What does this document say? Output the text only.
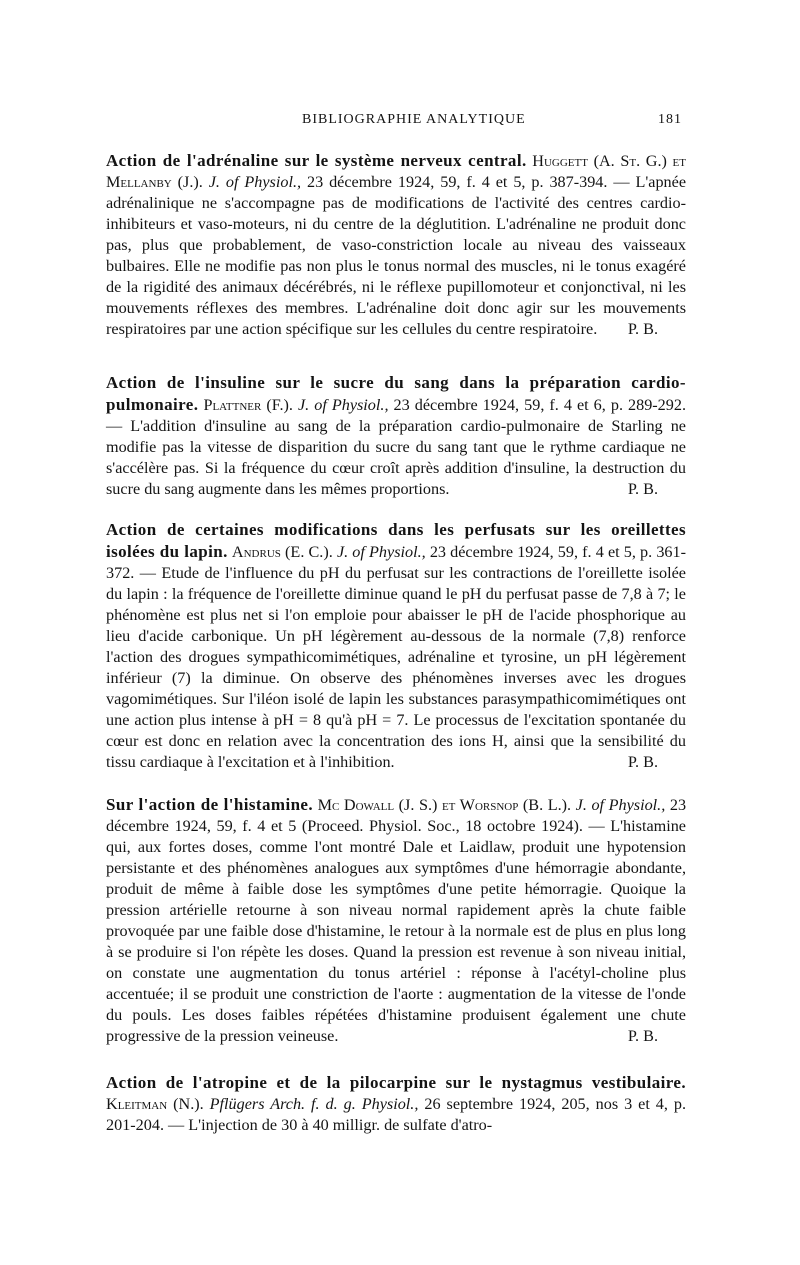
BIBLIOGRAPHIE ANALYTIQUE	181
Action de l'adrénaline sur le système nerveux central. Huggett (A. St. G.) et Mellanby (J.). J. of Physiol., 23 décembre 1924, 59, f. 4 et 5, p. 387-394. — L'apnée adrénalinique ne s'accompagne pas de modifications de l'activité des centres cardio-inhibiteurs et vaso-moteurs, ni du centre de la déglutition. L'adrénaline ne produit donc pas, plus que probablement, de vaso-constriction locale au niveau des vaisseaux bulbaires. Elle ne modifie pas non plus le tonus normal des muscles, ni le tonus exagéré de la rigidité des animaux décérébrés, ni le réflexe pupillomoteur et conjonctival, ni les mouvements réflexes des membres. L'adrénaline doit donc agir sur les mouvements respiratoires par une action spécifique sur les cellules du centre respiratoire. P. B.
Action de l'insuline sur le sucre du sang dans la préparation cardio-pulmonaire. Plattner (F.). J. of Physiol., 23 décembre 1924, 59, f. 4 et 6, p. 289-292. — L'addition d'insuline au sang de la préparation cardio-pulmonaire de Starling ne modifie pas la vitesse de disparition du sucre du sang tant que le rythme cardiaque ne s'accélère pas. Si la fréquence du cœur croît après addition d'insuline, la destruction du sucre du sang augmente dans les mêmes proportions.	P. B.
Action de certaines modifications dans les perfusats sur les oreillettes isolées du lapin. Andrus (E. C.). J. of Physiol., 23 décembre 1924, 59, f. 4 et 5, p. 361-372. — Etude de l'influence du pH du perfusat sur les contractions de l'oreillette isolée du lapin : la fréquence de l'oreillette diminue quand le pH du perfusat passe de 7,8 à 7; le phénomène est plus net si l'on emploie pour abaisser le pH de l'acide phosphorique au lieu d'acide carbonique. Un pH légèrement au-dessous de la normale (7,8) renforce l'action des drogues sympathicomimétiques, adrénaline et tyrosine, un pH légèrement inférieur (7) la diminue. On observe des phénomènes inverses avec les drogues vagomimétiques. Sur l'iléon isolé de lapin les substances parasympathicomimétiques ont une action plus intense à pH = 8 qu'à pH = 7. Le processus de l'excitation spontanée du cœur est donc en relation avec la concentration des ions H, ainsi que la sensibilité du tissu cardiaque à l'excitation et à l'inhibition.	P. B.
Sur l'action de l'histamine. Mc Dowall (J. S.) et Worsnop (B. L.). J. of Physiol., 23 décembre 1924, 59, f. 4 et 5 (Proceed. Physiol. Soc., 18 octobre 1924). — L'histamine qui, aux fortes doses, comme l'ont montré Dale et Laidlaw, produit une hypotension persistante et des phénomènes analogues aux symptômes d'une hémorragie abondante, produit de même à faible dose les symptômes d'une petite hémorragie. Quoique la pression artérielle retourne à son niveau normal rapidement après la chute faible provoquée par une faible dose d'histamine, le retour à la normale est de plus en plus long à se produire si l'on répète les doses. Quand la pression est revenue à son niveau initial, on constate une augmentation du tonus artériel : réponse à l'acétyl-choline plus accentuée; il se produit une constriction de l'aorte : augmentation de la vitesse de l'onde du pouls. Les doses faibles répétées d'histamine produisent également une chute progressive de la pression veineuse.	P. B.
Action de l'atropine et de la pilocarpine sur le nystagmus vestibulaire. Kleitman (N.). Pflügers Arch. f. d. g. Physiol., 26 septembre 1924, 205, nos 3 et 4, p. 201-204. — L'injection de 30 à 40 milligr. de sulfate d'atro-
